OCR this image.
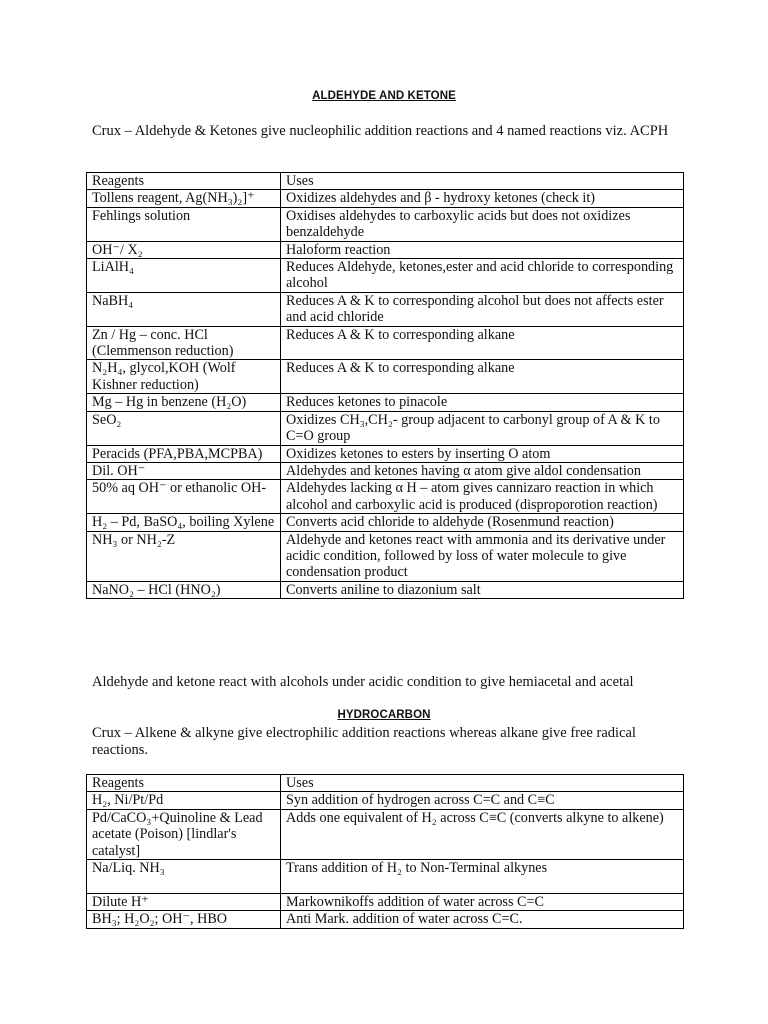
ALDEHYDE AND KETONE
Crux – Aldehyde & Ketones give nucleophilic addition reactions and 4 named reactions viz. ACPH
Reagents	Uses
Tollens reagent, Ag(NH₃)₂]⁺	Oxidizes aldehydes and β - hydroxy ketones (check it)
Fehlings solution	Oxidises aldehydes to carboxylic acids but does not oxidizes benzaldehyde
OH⁻/ X₂	Haloform reaction
LiAlH₄	Reduces Aldehyde, ketones,ester and acid chloride to corresponding alcohol
NaBH₄	Reduces A & K to corresponding alcohol but does not affects ester and acid chloride
Zn / Hg – conc. HCl (Clemmenson reduction)	Reduces A & K to corresponding alkane
N₂H₄, glycol,KOH (Wolf Kishner reduction)	Reduces A & K to corresponding alkane
Mg – Hg in benzene (H₂O)	Reduces ketones to pinacole
SeO₂	Oxidizes CH₃,CH₂- group adjacent to carbonyl group of A & K to C=O group
Peracids (PFA,PBA,MCPBA)	Oxidizes ketones to esters by inserting O atom
Dil. OH⁻	Aldehydes and ketones having α atom give aldol condensation
50% aq OH⁻ or ethanolic OH-	Aldehydes lacking α H – atom gives cannizaro reaction in which alcohol and carboxylic acid is produced (disproporotion reaction)
H₂ – Pd, BaSO₄, boiling Xylene	Converts acid chloride to aldehyde (Rosenmund reaction)
NH₃ or NH₂-Z	Aldehyde and ketones react with ammonia and its derivative under acidic condition, followed by loss of water molecule to give condensation product
NaNO₂ – HCl (HNO₂)	Converts aniline to diazonium salt
Aldehyde and ketone react with alcohols under acidic condition to give hemiacetal and acetal
HYDROCARBON
Crux – Alkene & alkyne give electrophilic addition reactions whereas alkane give free radical reactions.
Reagents	Uses
H₂, Ni/Pt/Pd	Syn addition of hydrogen across C=C and C≡C
Pd/CaCO₃+Quinoline & Lead acetate (Poison) [lindlar's catalyst]	Adds one equivalent of H₂ across C≡C (converts alkyne to alkene)
Na/Liq. NH₃	Trans addition of H₂ to Non-Terminal alkynes
Dilute H⁺	Markownikoffs addition of water across C=C
BH₃; H₂O₂; OH⁻, HBO	Anti Mark. addition of water across C=C.
